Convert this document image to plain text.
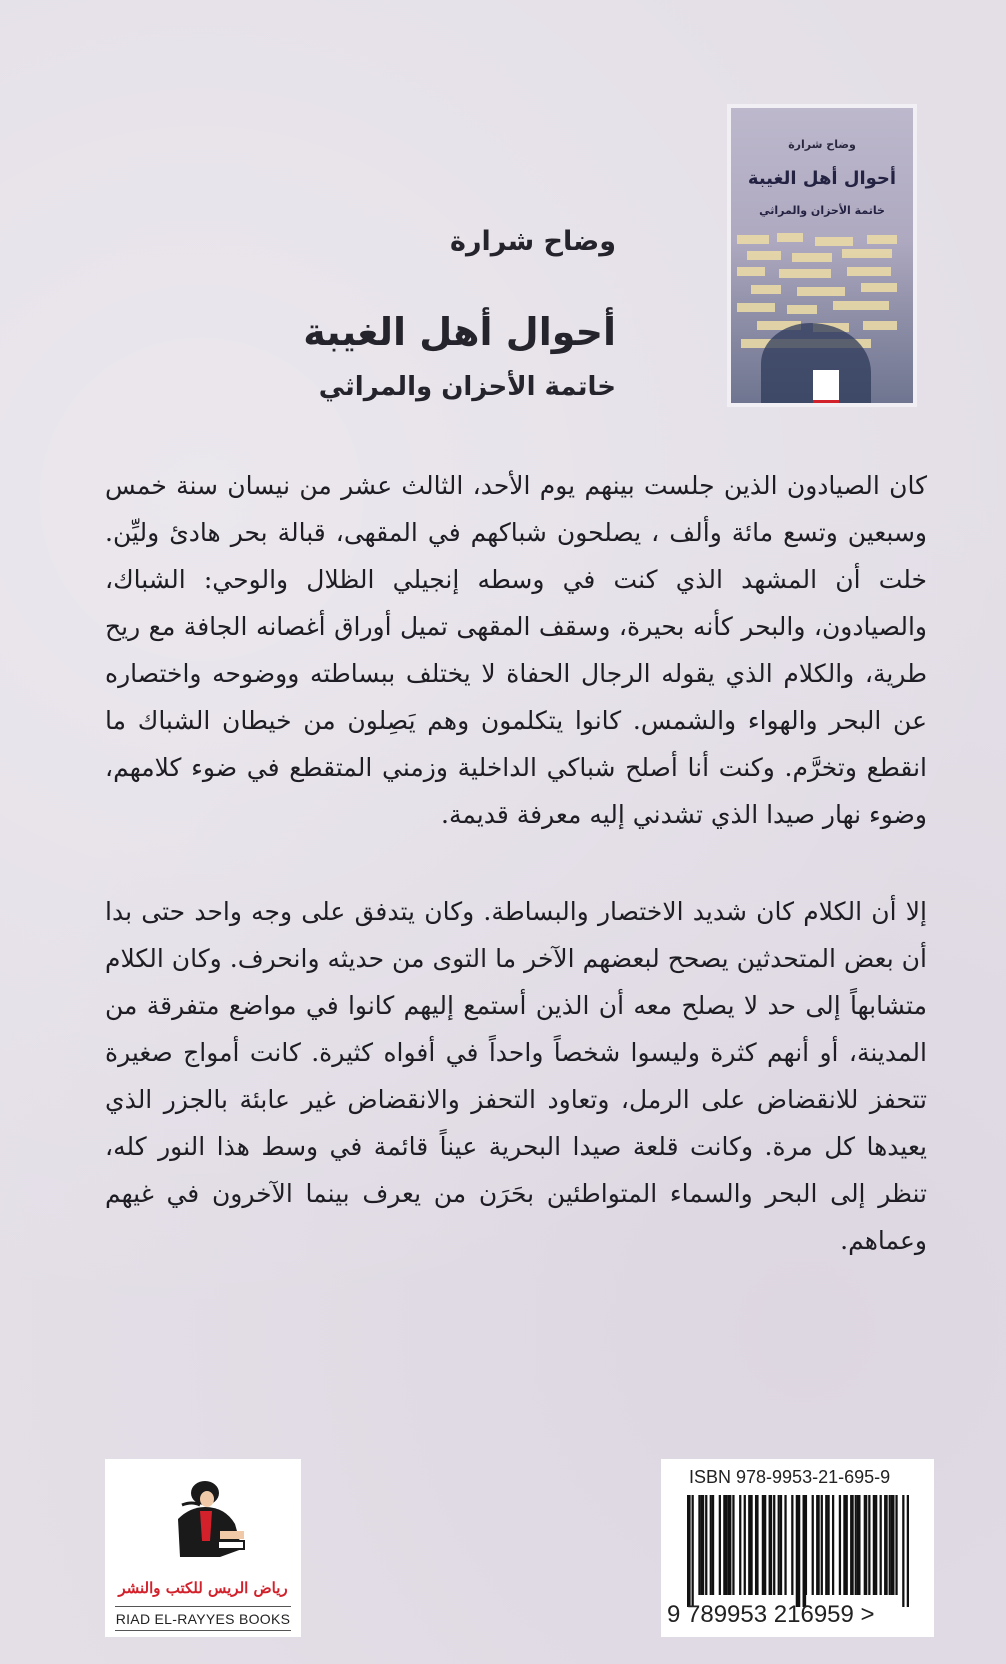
وضاح شرارة
أحوال أهل الغيبة
خاتمة الأحزان والمراثي
وضاح شرارة
أحوال أهل الغيبة
خاتمة الأحزان والمراثي
كان الصيادون الذين جلست بينهم يوم الأحد، الثالث عشر من نيسان سنة خمس وسبعين وتسع مائة وألف ، يصلحون شباكهم في المقهى، قبالة بحر هادئ وليِّن. خلت أن المشهد الذي كنت في وسطه إنجيلي الظلال والوحي: الشباك، والصيادون، والبحر كأنه بحيرة، وسقف المقهى تميل أوراق أغصانه الجافة مع ريح طرية، والكلام الذي يقوله الرجال الحفاة لا يختلف ببساطته ووضوحه واختصاره عن البحر والهواء والشمس. كانوا يتكلمون وهم يَصِلون من خيطان الشباك ما انقطع وتخرَّم. وكنت أنا أصلح شباكي الداخلية وزمني المتقطع في ضوء كلامهم، وضوء نهار صيدا الذي تشدني إليه معرفة قديمة.
إلا أن الكلام كان شديد الاختصار والبساطة. وكان يتدفق على وجه واحد حتى بدا أن بعض المتحدثين يصحح لبعضهم الآخر ما التوى من حديثه وانحرف. وكان الكلام متشابهاً إلى حد لا يصلح معه أن الذين أستمع إليهم كانوا في مواضع متفرقة من المدينة، أو أنهم كثرة وليسوا شخصاً واحداً في أفواه كثيرة. كانت أمواج صغيرة تتحفز للانقضاض على الرمل، وتعاود التحفز والانقضاض غير عابئة بالجزر الذي يعيدها كل مرة. وكانت قلعة صيدا البحرية عيناً قائمة في وسط هذا النور كله، تنظر إلى البحر والسماء المتواطئين بحَرَن من يعرف بينما الآخرون في غيهم وعماهم.
رياض الريس للكتب والنشر
RIAD EL-RAYYES BOOKS
ISBN 978-9953-21-695-9
9 789953 216959 >
